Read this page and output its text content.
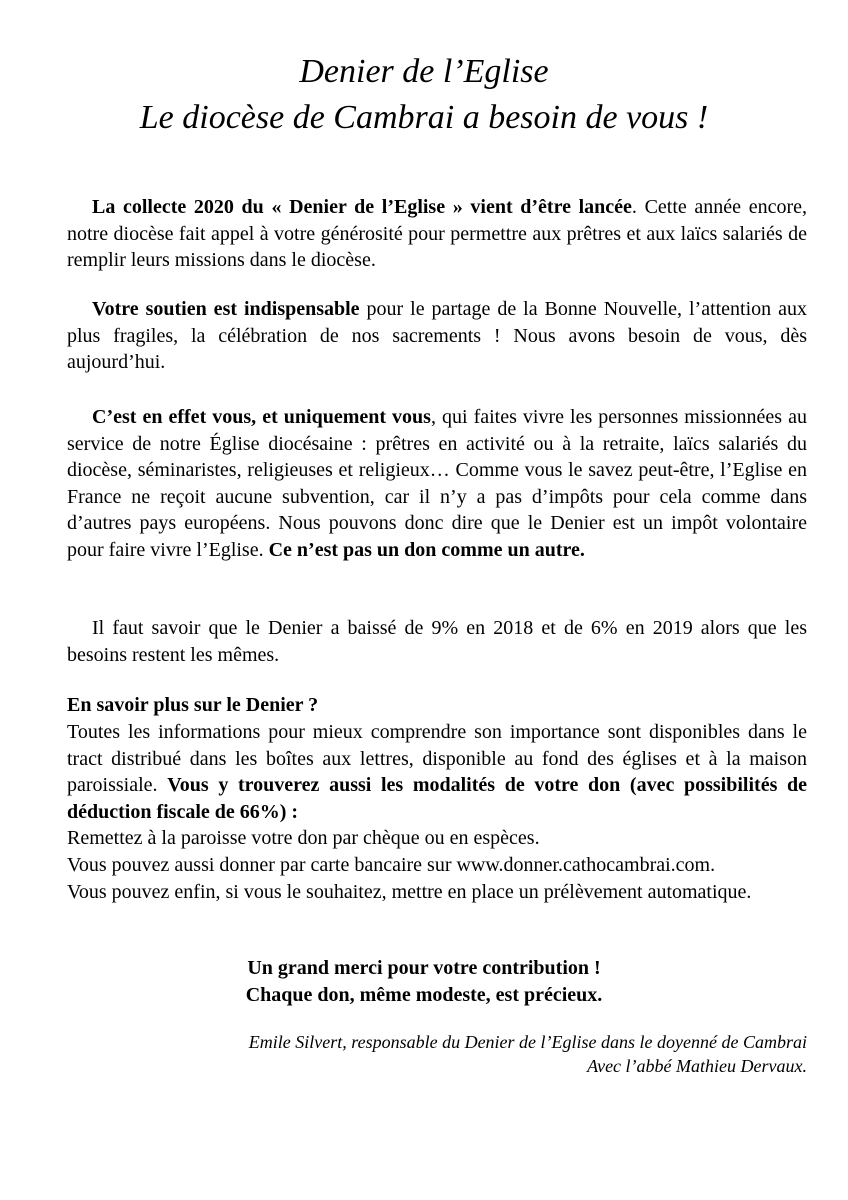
Denier de l’Eglise
Le diocèse de Cambrai a besoin de vous !

La collecte 2020 du « Denier de l’Eglise » vient d’être lancée. Cette année encore, notre diocèse fait appel à votre générosité pour permettre aux prêtres et aux laïcs salariés de remplir leurs missions dans le diocèse.

Votre soutien est indispensable pour le partage de la Bonne Nouvelle, l’attention aux plus fragiles, la célébration de nos sacrements ! Nous avons besoin de vous, dès aujourd’hui.

C’est en effet vous, et uniquement vous, qui faites vivre les personnes missionnées au service de notre Église diocésaine : prêtres en activité ou à la retraite, laïcs salariés du diocèse, séminaristes, religieuses et religieux… Comme vous le savez peut-être, l’Eglise en France ne reçoit aucune subvention, car il n’y a pas d’impôts pour cela comme dans d’autres pays européens. Nous pouvons donc dire que le Denier est un impôt volontaire pour faire vivre l’Eglise. Ce n’est pas un don comme un autre.

Il faut savoir que le Denier a baissé de 9% en 2018 et de 6% en 2019 alors que les besoins restent les mêmes.

En savoir plus sur le Denier ?
Toutes les informations pour mieux comprendre son importance sont disponibles dans le tract distribué dans les boîtes aux lettres, disponible au fond des églises et à la maison paroissiale. Vous y trouverez aussi les modalités de votre don (avec possibilités de déduction fiscale de 66%) :
Remettez à la paroisse votre don par chèque ou en espèces.
Vous pouvez aussi donner par carte bancaire sur www.donner.cathocambrai.com.
Vous pouvez enfin, si vous le souhaitez, mettre en place un prélèvement automatique.
Un grand merci pour votre contribution !
Chaque don, même modeste, est précieux.
Emile Silvert, responsable du Denier de l’Eglise dans le doyenné de Cambrai
Avec l’abbé Mathieu Dervaux.
